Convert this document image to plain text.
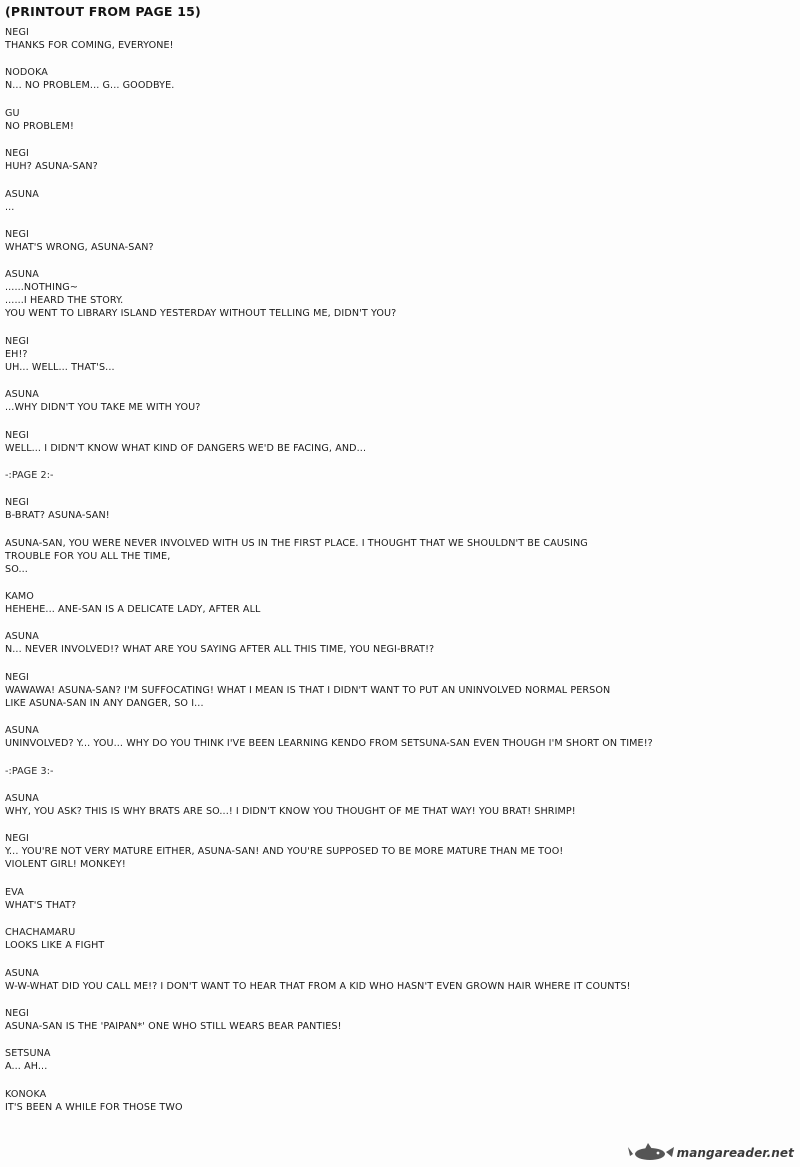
(PRINTOUT FROM PAGE 15)
NEGI
THANKS FOR COMING, EVERYONE!
NODOKA
N... NO PROBLEM... G... GOODBYE.
GU
NO PROBLEM!
NEGI
HUH? ASUNA-SAN?
ASUNA
...
NEGI
WHAT'S WRONG, ASUNA-SAN?
ASUNA
......NOTHING~
......I HEARD THE STORY.
YOU WENT TO LIBRARY ISLAND YESTERDAY WITHOUT TELLING ME, DIDN'T YOU?
NEGI
EH!?
UH... WELL... THAT'S...
ASUNA
...WHY DIDN'T YOU TAKE ME WITH YOU?
NEGI
WELL... I DIDN'T KNOW WHAT KIND OF DANGERS WE'D BE FACING, AND...
-:PAGE 2:-
NEGI
B-BRAT? ASUNA-SAN!
ASUNA-SAN, YOU WERE NEVER INVOLVED WITH US IN THE FIRST PLACE. I THOUGHT THAT WE SHOULDN'T BE CAUSING
TROUBLE FOR YOU ALL THE TIME,
SO...
KAMO
HEHEHE... ANE-SAN IS A DELICATE LADY, AFTER ALL
ASUNA
N... NEVER INVOLVED!? WHAT ARE YOU SAYING AFTER ALL THIS TIME, YOU NEGI-BRAT!?
NEGI
WAWAWA! ASUNA-SAN? I'M SUFFOCATING! WHAT I MEAN IS THAT I DIDN'T WANT TO PUT AN UNINVOLVED NORMAL PERSON
LIKE ASUNA-SAN IN ANY DANGER, SO I...
ASUNA
UNINVOLVED? Y... YOU... WHY DO YOU THINK I'VE BEEN LEARNING KENDO FROM SETSUNA-SAN EVEN THOUGH I'M SHORT ON TIME!?
-:PAGE 3:-
ASUNA
WHY, YOU ASK? THIS IS WHY BRATS ARE SO...! I DIDN'T KNOW YOU THOUGHT OF ME THAT WAY! YOU BRAT! SHRIMP!
NEGI
Y... YOU'RE NOT VERY MATURE EITHER, ASUNA-SAN! AND YOU'RE SUPPOSED TO BE MORE MATURE THAN ME TOO!
VIOLENT GIRL! MONKEY!
EVA
WHAT'S THAT?
CHACHAMARU
LOOKS LIKE A FIGHT
ASUNA
W-W-WHAT DID YOU CALL ME!? I DON'T WANT TO HEAR THAT FROM A KID WHO HASN'T EVEN GROWN HAIR WHERE IT COUNTS!
NEGI
ASUNA-SAN IS THE 'PAIPAN*' ONE WHO STILL WEARS BEAR PANTIES!
SETSUNA
A... AH...
KONOKA
IT'S BEEN A WHILE FOR THOSE TWO
mangareader.net
